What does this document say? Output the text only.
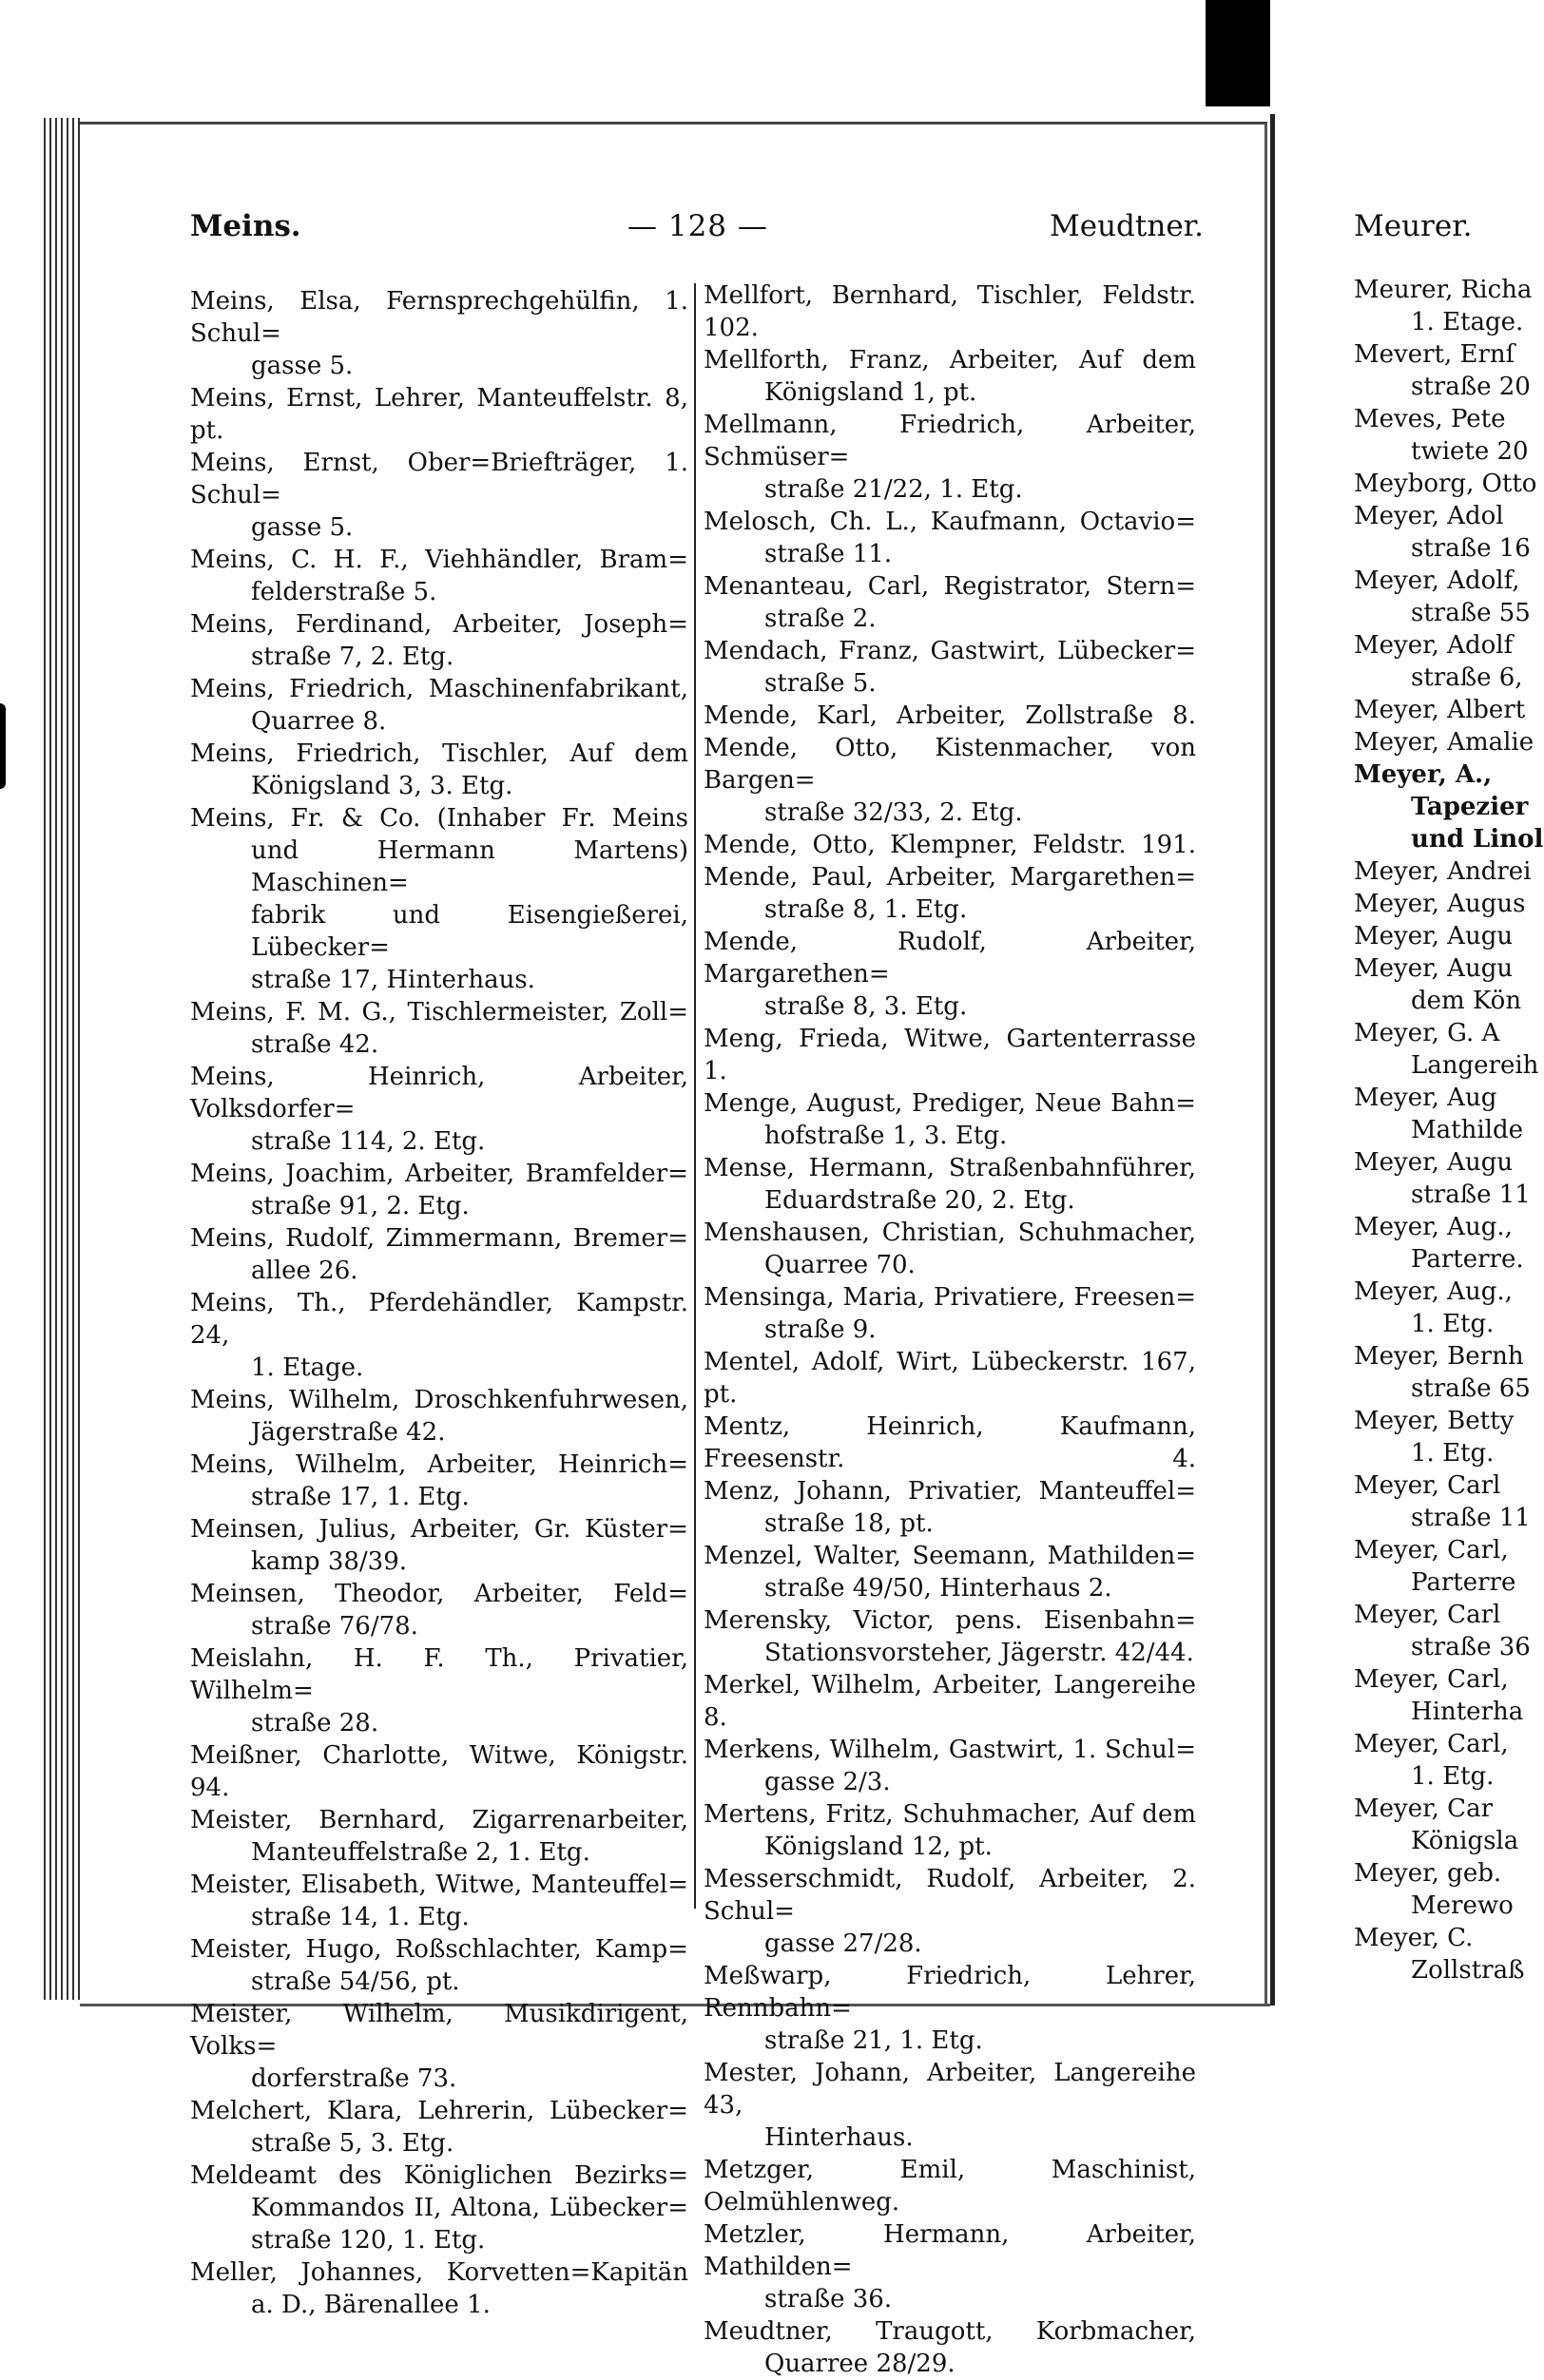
Meins.	— 128 —	Meudtner.	Meurer.
Meins, Elsa, Fernsprechgehülfin, 1. Schul=
gasse 5.
Meins, Ernst, Lehrer, Manteuffelstr. 8, pt.
Meins, Ernst, Ober=Briefträger, 1. Schul=
gasse 5.
Meins, C. H. F., Viehhändler, Bram=
felderstraße 5.
Meins, Ferdinand, Arbeiter, Joseph=
straße 7, 2. Etg.
Meins, Friedrich, Maschinenfabrikant,
Quarree 8.
Meins, Friedrich, Tischler, Auf dem
Königsland 3, 3. Etg.
Meins, Fr. & Co. (Inhaber Fr. Meins
und Hermann Martens) Maschinen=
fabrik und Eisengießerei, Lübecker=
straße 17, Hinterhaus.
Meins, F. M. G., Tischlermeister, Zoll=
straße 42.
Meins, Heinrich, Arbeiter, Volksdorfer=
straße 114, 2. Etg.
Meins, Joachim, Arbeiter, Bramfelder=
straße 91, 2. Etg.
Meins, Rudolf, Zimmermann, Bremer=
allee 26.
Meins, Th., Pferdehändler, Kampstr. 24,
1. Etage.
Meins, Wilhelm, Droschkenfuhrwesen,
Jägerstraße 42.
Meins, Wilhelm, Arbeiter, Heinrich=
straße 17, 1. Etg.
Meinsen, Julius, Arbeiter, Gr. Küster=
kamp 38/39.
Meinsen, Theodor, Arbeiter, Feld=
straße 76/78.
Meislahn, H. F. Th., Privatier, Wilhelm=
straße 28.
Meißner, Charlotte, Witwe, Königstr. 94.
Meister, Bernhard, Zigarrenarbeiter,
Manteuffelstraße 2, 1. Etg.
Meister, Elisabeth, Witwe, Manteuffel=
straße 14, 1. Etg.
Meister, Hugo, Roßschlachter, Kamp=
straße 54/56, pt.
Meister, Wilhelm, Musikdirigent, Volks=
dorferstraße 73.
Melchert, Klara, Lehrerin, Lübecker=
straße 5, 3. Etg.
Meldeamt des Königlichen Bezirks=
Kommandos II, Altona, Lübecker=
straße 120, 1. Etg.
Meller, Johannes, Korvetten=Kapitän
a. D., Bärenallee 1.
Mellfort, Bernhard, Tischler, Feldstr. 102.
Mellforth, Franz, Arbeiter, Auf dem
Königsland 1, pt.
Mellmann, Friedrich, Arbeiter, Schmüser=
straße 21/22, 1. Etg.
Melosch, Ch. L., Kaufmann, Octavio=
straße 11.
Menanteau, Carl, Registrator, Stern=
straße 2.
Mendach, Franz, Gastwirt, Lübecker=
straße 5.
Mende, Karl, Arbeiter, Zollstraße 8.
Mende, Otto, Kistenmacher, von Bargen=
straße 32/33, 2. Etg.
Mende, Otto, Klempner, Feldstr. 191.
Mende, Paul, Arbeiter, Margarethen=
straße 8, 1. Etg.
Mende, Rudolf, Arbeiter, Margarethen=
straße 8, 3. Etg.
Meng, Frieda, Witwe, Gartenterrasse 1.
Menge, August, Prediger, Neue Bahn=
hofstraße 1, 3. Etg.
Mense, Hermann, Straßenbahnführer,
Eduardstraße 20, 2. Etg.
Menshausen, Christian, Schuhmacher,
Quarree 70.
Mensinga, Maria, Privatiere, Freesen=
straße 9.
Mentel, Adolf, Wirt, Lübeckerstr. 167, pt.
Mentz, Heinrich, Kaufmann, Freesenstr. 4.
Menz, Johann, Privatier, Manteuffel=
straße 18, pt.
Menzel, Walter, Seemann, Mathilden=
straße 49/50, Hinterhaus 2.
Merensky, Victor, pens. Eisenbahn=
Stationsvorsteher, Jägerstr. 42/44.
Merkel, Wilhelm, Arbeiter, Langereihe 8.
Merkens, Wilhelm, Gastwirt, 1. Schul=
gasse 2/3.
Mertens, Fritz, Schuhmacher, Auf dem
Königsland 12, pt.
Messerschmidt, Rudolf, Arbeiter, 2. Schul=
gasse 27/28.
Meßwarp, Friedrich, Lehrer, Rennbahn=
straße 21, 1. Etg.
Mester, Johann, Arbeiter, Langereihe 43,
Hinterhaus.
Metzger, Emil, Maschinist, Oelmühlenweg.
Metzler, Hermann, Arbeiter, Mathilden=
straße 36.
Meudtner, Traugott, Korbmacher,
Quarree 28/29.
Meurer, Richa
1. Etage.
Mevert, Ernſ
straße 20
Meves, Pete
twiete 20
Meyborg, Otto
Meyer, Adol
straße 16
Meyer, Adolf,
straße 55
Meyer, Adolf
straße 6,
Meyer, Albert
Meyer, Amalie
Meyer, A.,
Tapezier
und Linol
Meyer, Andrei
Meyer, Augus
Meyer, Augu
Meyer, Augu
dem Kön
Meyer, G. A
Langereih
Meyer, Aug
Mathilde
Meyer, Augu
straße 11
Meyer, Aug.,
Parterre.
Meyer, Aug.,
1. Etg.
Meyer, Bernh
straße 65
Meyer, Betty
1. Etg.
Meyer, Carl
straße 11
Meyer, Carl,
Parterre
Meyer, Carl
straße 36
Meyer, Carl,
Hinterha
Meyer, Carl,
1. Etg.
Meyer, Car
Königsla
Meyer, geb.
Merewo
Meyer, C.
Zollstraß
